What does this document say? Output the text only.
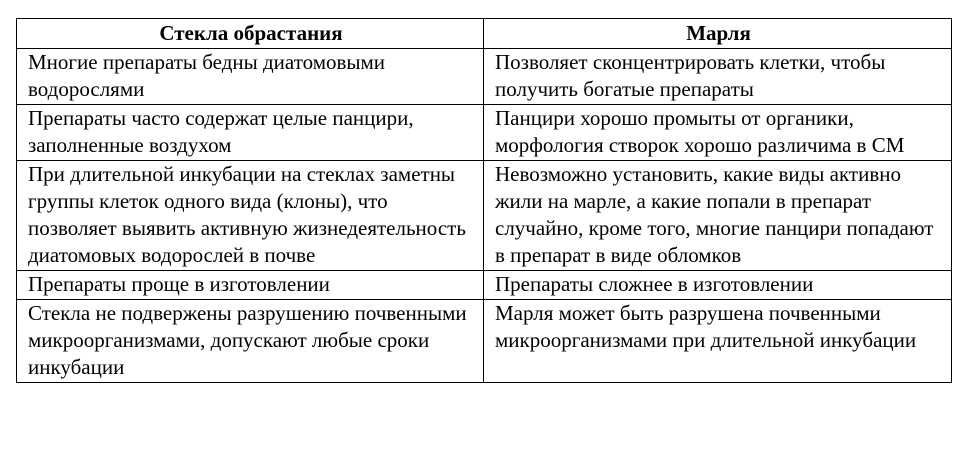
Стекла обрастания	Марля
Многие препараты бедны диатомовыми водорослями	Позволяет сконцентрировать клетки, чтобы получить богатые препараты
Препараты часто содержат целые панцири, заполненные воздухом	Панцири хорошо промыты от органики, морфология створок хорошо различима в СМ
При длительной инкубации на стеклах заметны группы клеток одного вида (клоны), что позволяет выявить активную жизнедеятельность диатомовых водорослей в почве	Невозможно установить, какие виды активно жили на марле, а какие попали в препарат случайно, кроме того, многие панцири попадают в препарат в виде обломков
Препараты проще в изготовлении	Препараты сложнее в изготовлении
Стекла не подвержены разрушению почвенными микроорганизмами, допускают любые сроки инкубации	Марля может быть разрушена почвенными микроорганизмами при длительной инкубации
